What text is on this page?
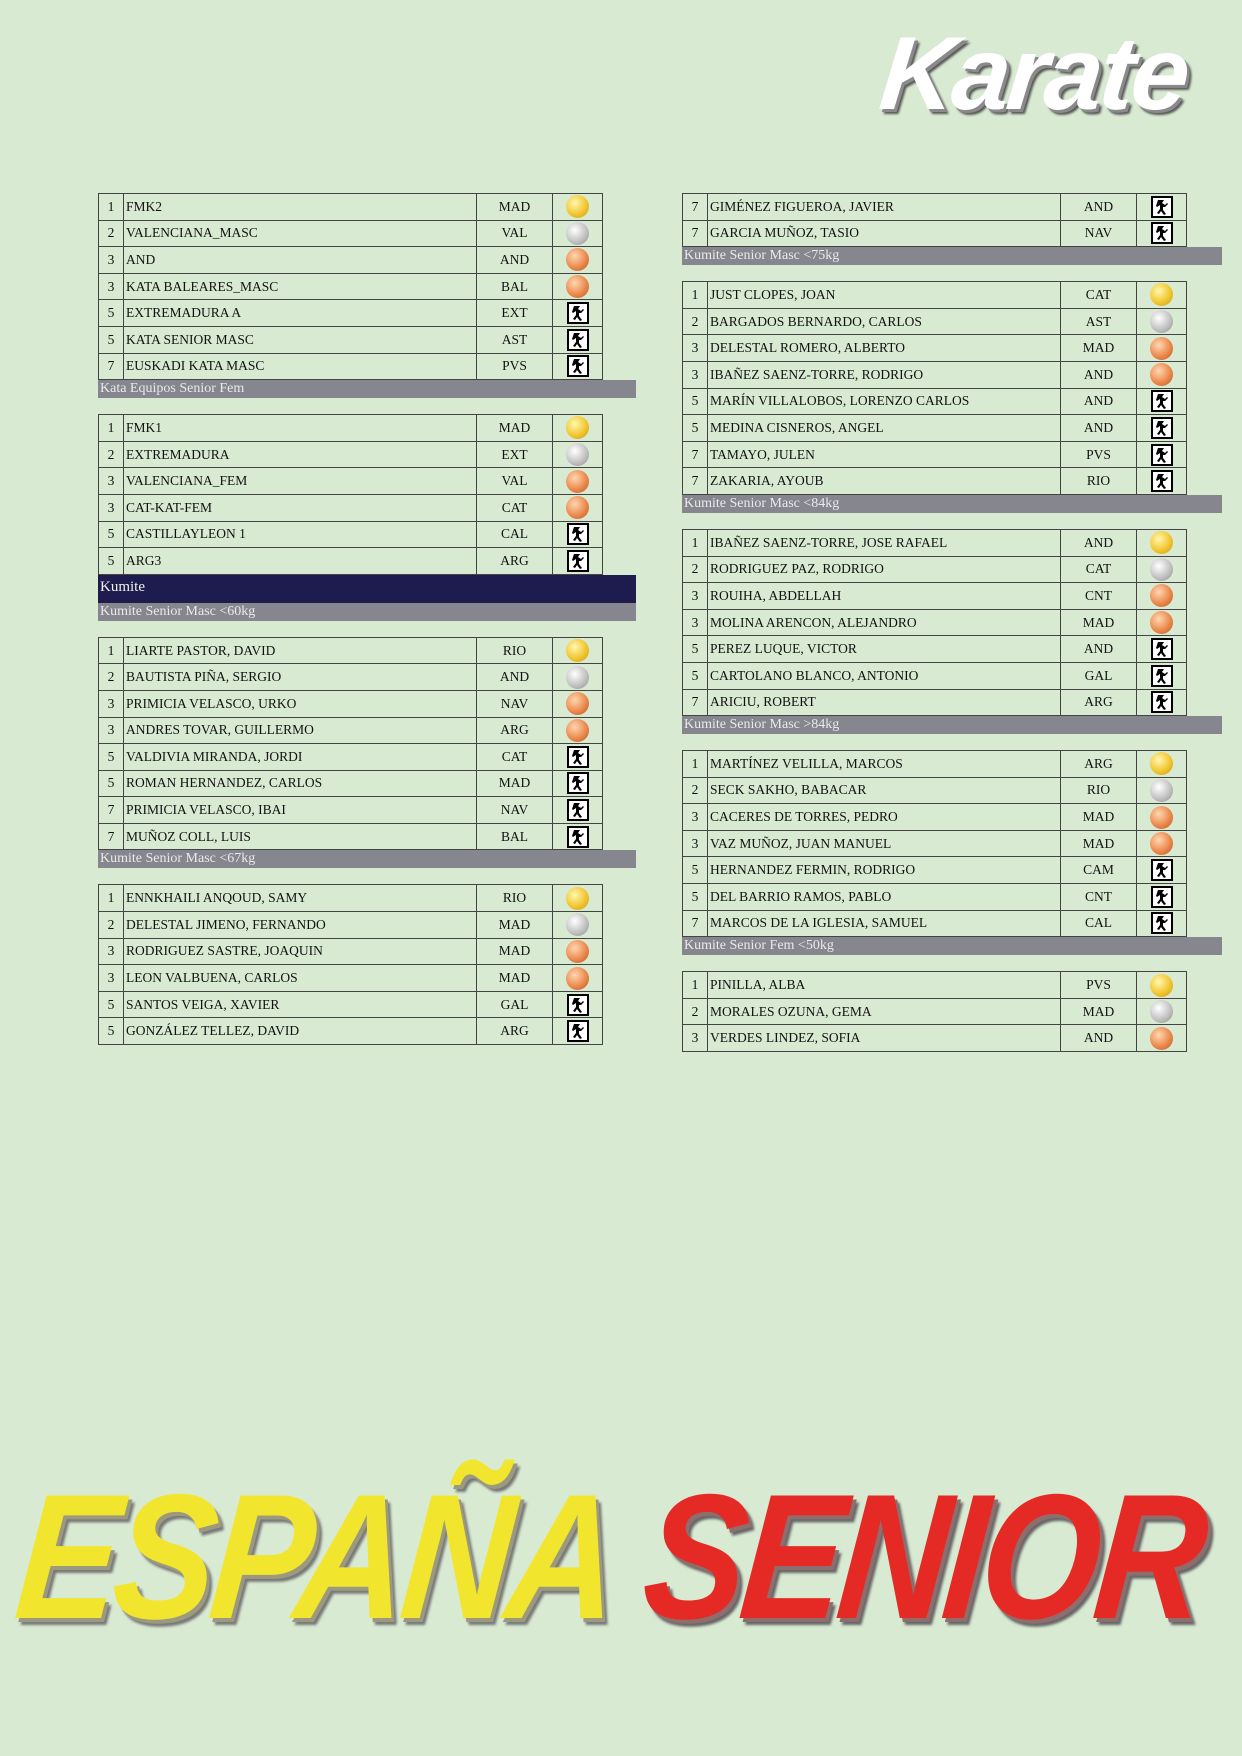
Karate
1	FMK2	MAD	
2	VALENCIANA_MASC	VAL	
3	AND	AND	
3	KATA BALEARES_MASC	BAL	
5	EXTREMADURA A	EXT	

5	KATA SENIOR MASC	AST	

7	EUSKADI KATA MASC	PVS	
Kata Equipos Senior Fem
1	FMK1	MAD	
2	EXTREMADURA	EXT	
3	VALENCIANA_FEM	VAL	
3	CAT-KAT-FEM	CAT	
5	CASTILLAYLEON 1	CAL	

5	ARG3	ARG	
Kumite
Kumite Senior Masc <60kg
1	LIARTE PASTOR, DAVID	RIO	
2	BAUTISTA PIÑA, SERGIO	AND	
3	PRIMICIA VELASCO, URKO	NAV	
3	ANDRES TOVAR, GUILLERMO	ARG	
5	VALDIVIA MIRANDA, JORDI	CAT	

5	ROMAN HERNANDEZ, CARLOS	MAD	

7	PRIMICIA VELASCO, IBAI	NAV	

7	MUÑOZ COLL, LUIS	BAL	
Kumite Senior Masc <67kg
1	ENNKHAILI ANQOUD, SAMY	RIO	
2	DELESTAL JIMENO, FERNANDO	MAD	
3	RODRIGUEZ SASTRE, JOAQUIN	MAD	
3	LEON VALBUENA, CARLOS	MAD	
5	SANTOS VEIGA, XAVIER	GAL	

5	GONZÁLEZ TELLEZ, DAVID	ARG	
7	GIMÉNEZ FIGUEROA, JAVIER	AND	

7	GARCIA MUÑOZ, TASIO	NAV	
Kumite Senior Masc <75kg
1	JUST CLOPES, JOAN	CAT	
2	BARGADOS BERNARDO, CARLOS	AST	
3	DELESTAL ROMERO, ALBERTO	MAD	
3	IBAÑEZ SAENZ-TORRE, RODRIGO	AND	
5	MARÍN VILLALOBOS, LORENZO CARLOS	AND	

5	MEDINA CISNEROS, ANGEL	AND	

7	TAMAYO, JULEN	PVS	

7	ZAKARIA, AYOUB	RIO	
Kumite Senior Masc <84kg
1	IBAÑEZ SAENZ-TORRE, JOSE RAFAEL	AND	
2	RODRIGUEZ PAZ, RODRIGO	CAT	
3	ROUIHA, ABDELLAH	CNT	
3	MOLINA ARENCON, ALEJANDRO	MAD	
5	PEREZ LUQUE, VICTOR	AND	

5	CARTOLANO BLANCO, ANTONIO	GAL	

7	ARICIU, ROBERT	ARG	
Kumite Senior Masc >84kg
1	MARTÍNEZ VELILLA, MARCOS	ARG	
2	SECK SAKHO, BABACAR	RIO	
3	CACERES DE TORRES, PEDRO	MAD	
3	VAZ MUÑOZ, JUAN MANUEL	MAD	
5	HERNANDEZ FERMIN, RODRIGO	CAM	

5	DEL BARRIO RAMOS, PABLO	CNT	

7	MARCOS DE LA IGLESIA, SAMUEL	CAL	
Kumite Senior Fem <50kg
1	PINILLA, ALBA	PVS	
2	MORALES OZUNA, GEMA	MAD	
3	VERDES LINDEZ, SOFIA	AND	
ESPAÑA SENIOR
